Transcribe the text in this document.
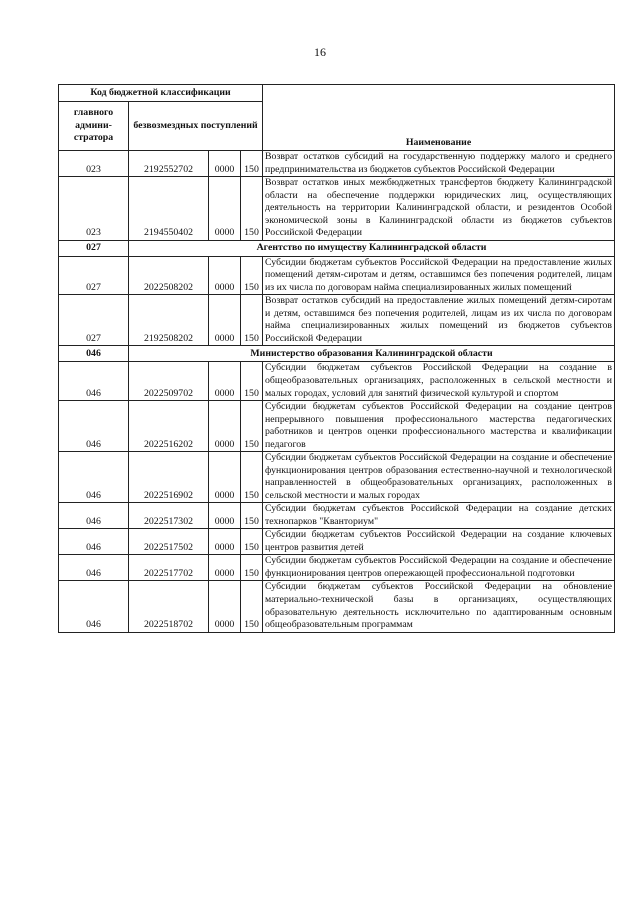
16
Код бюджетной классификации				Наименование
главного админи-стратора	безвозмездных поступлений			
023	2192552702	0000	150	Возврат остатков субсидий на государственную поддержку малого и среднего предпринимательства из бюджетов субъектов Российской Федерации
023	2194550402	0000	150	Возврат остатков иных межбюджетных трансфертов бюджету Калининградской области на обеспечение поддержки юридических лиц, осуществляющих деятельность на территории Калининградской области, и резидентов Особой экономической зоны в Калининградской области из бюджетов субъектов Российской Федерации
027	Агентство по имуществу Калининградской области			
027	2022508202	0000	150	Субсидии бюджетам субъектов Российской Федерации на предоставление жилых помещений детям-сиротам и детям, оставшимся без попечения родителей, лицам из их числа по договорам найма специализированных жилых помещений
027	2192508202	0000	150	Возврат остатков субсидий на предоставление жилых помещений детям-сиротам и детям, оставшимся без попечения родителей, лицам из их числа по договорам найма специализированных жилых помещений из бюджетов субъектов Российской Федерации
046	Министерство образования Калининградской области			
046	2022509702	0000	150	Субсидии бюджетам субъектов Российской Федерации на создание в общеобразовательных организациях, расположенных в сельской местности и малых городах, условий для занятий физической культурой и спортом
046	2022516202	0000	150	Субсидии бюджетам субъектов Российской Федерации на создание центров непрерывного повышения профессионального мастерства педагогических работников и центров оценки профессионального мастерства и квалификации педагогов
046	2022516902	0000	150	Субсидии бюджетам субъектов Российской Федерации на создание и обеспечение функционирования центров образования естественно-научной и технологической направленностей в общеобразовательных организациях, расположенных в сельской местности и малых городах
046	2022517302	0000	150	Субсидии бюджетам субъектов Российской Федерации на создание детских технопарков "Кванториум"
046	2022517502	0000	150	Субсидии бюджетам субъектов Российской Федерации на создание ключевых центров развития детей
046	2022517702	0000	150	Субсидии бюджетам субъектов Российской Федерации на создание и обеспечение функционирования центров опережающей профессиональной подготовки
046	2022518702	0000	150	Субсидии бюджетам субъектов Российской Федерации на обновление материально-технической базы в организациях, осуществляющих образовательную деятельность исключительно по адаптированным основным общеобразовательным программам
